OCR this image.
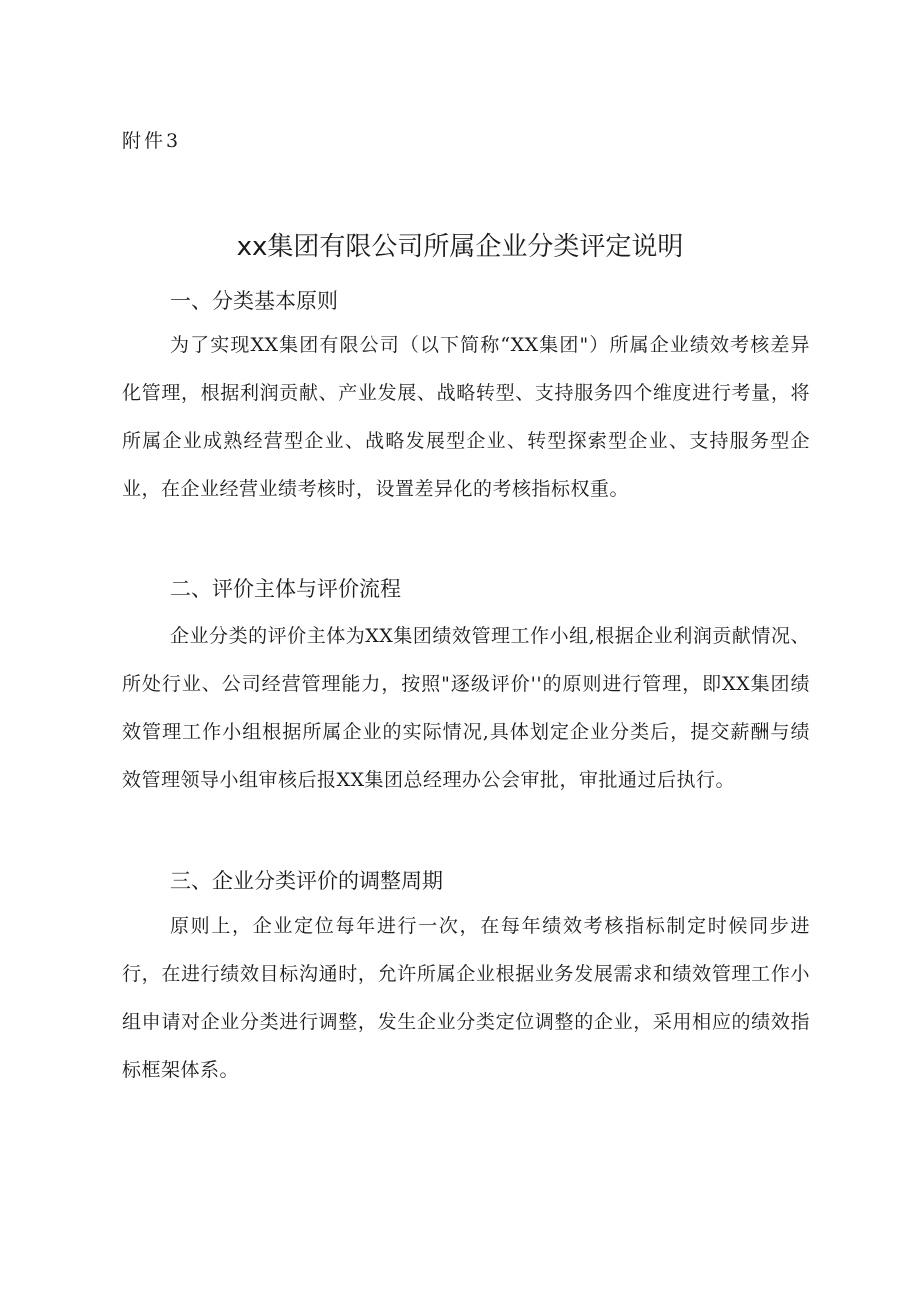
附件3
xx集团有限公司所属企业分类评定说明
一、分类基本原则
为了实现XX集团有限公司（以下简称“XX集团"）所属企业绩效考核差异化管理，根据利润贡献、产业发展、战略转型、支持服务四个维度进行考量，将所属企业成熟经营型企业、战略发展型企业、转型探索型企业、支持服务型企业，在企业经营业绩考核时，设置差异化的考核指标权重。
二、评价主体与评价流程
企业分类的评价主体为XX集团绩效管理工作小组,根据企业利润贡献情况、所处行业、公司经营管理能力，按照"逐级评价''的原则进行管理，即XX集团绩效管理工作小组根据所属企业的实际情况,具体划定企业分类后，提交薪酬与绩效管理领导小组审核后报XX集团总经理办公会审批，审批通过后执行。
三、企业分类评价的调整周期
原则上，企业定位每年进行一次，在每年绩效考核指标制定时候同步进行，在进行绩效目标沟通时，允许所属企业根据业务发展需求和绩效管理工作小组申请对企业分类进行调整，发生企业分类定位调整的企业，采用相应的绩效指标框架体系。
